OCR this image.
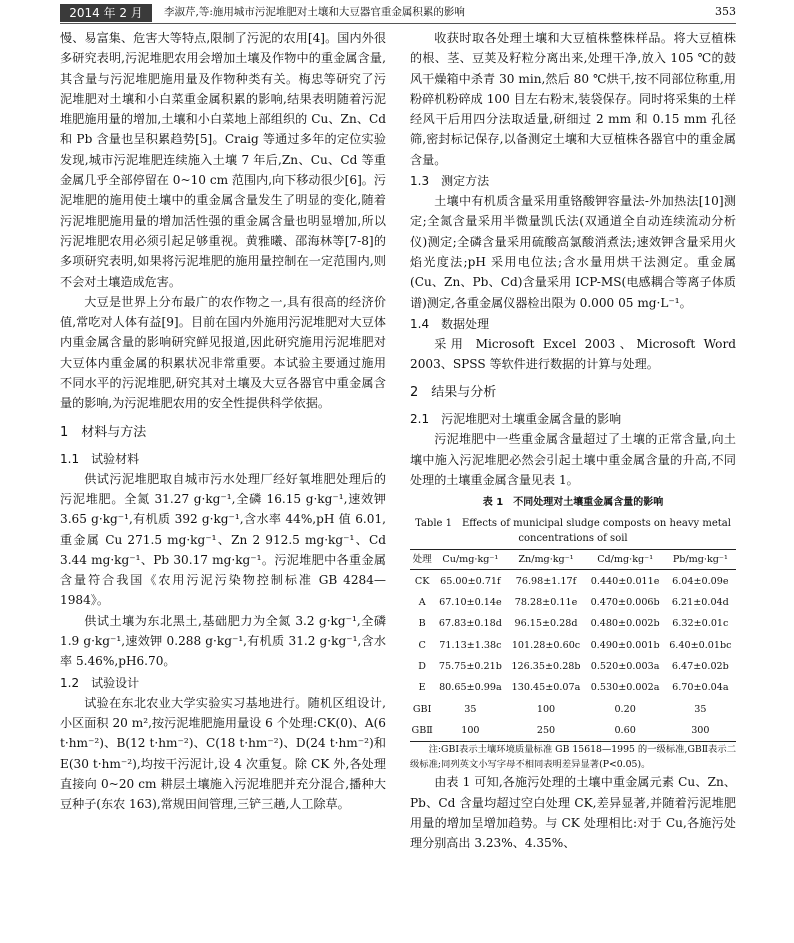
2014 年 2 月	李淑芹,等:施用城市污泥堆肥对土壤和大豆器官重金属积累的影响	353

慢、易富集、危害大等特点,限制了污泥的农用[4]。国内外很多研究表明,污泥堆肥农用会增加土壤及作物中的重金属含量,其含量与污泥堆肥施用量及作物种类有关。梅忠等研究了污泥堆肥对土壤和小白菜重金属积累的影响,结果表明随着污泥堆肥施用量的增加,土壤和小白菜地上部组织的 Cu、Zn、Cd 和 Pb 含量也呈积累趋势[5]。Craig 等通过多年的定位实验发现,城市污泥堆肥连续施入土壤 7 年后,Zn、Cu、Cd 等重金属几乎全部停留在 0~10 cm 范围内,向下移动很少[6]。污泥堆肥的施用使土壤中的重金属含量发生了明显的变化,随着污泥堆肥施用量的增加活性强的重金属含量也明显增加,所以污泥堆肥农用必须引起足够重视。黄雅曦、邵海林等[7-8]的多项研究表明,如果将污泥堆肥的施用量控制在一定范围内,则不会对土壤造成危害。

大豆是世界上分布最广的农作物之一,具有很高的经济价值,常吃对人体有益[9]。目前在国内外施用污泥堆肥对大豆体内重金属含量的影响研究鲜见报道,因此研究施用污泥堆肥对大豆体内重金属的积累状况非常重要。本试验主要通过施用不同水平的污泥堆肥,研究其对土壤及大豆各器官中重金属含量的影响,为污泥堆肥农用的安全性提供科学依据。

1　材料与方法
1.1　试验材料

供试污泥堆肥取自城市污水处理厂经好氧堆肥处理后的污泥堆肥。全氮 31.27 g·kg⁻¹,全磷 16.15 g·kg⁻¹,速效钾 3.65 g·kg⁻¹,有机质 392 g·kg⁻¹,含水率 44%,pH 值 6.01,重金属 Cu 271.5 mg·kg⁻¹、Zn 2 912.5 mg·kg⁻¹、Cd 3.44 mg·kg⁻¹、Pb 30.17 mg·kg⁻¹。污泥堆肥中各重金属含量符合我国《农用污泥污染物控制标准 GB 4284—1984》。

供试土壤为东北黑土,基础肥力为全氮 3.2 g·kg⁻¹,全磷 1.9 g·kg⁻¹,速效钾 0.288 g·kg⁻¹,有机质 31.2 g·kg⁻¹,含水率 5.46%,pH6.70。

1.2　试验设计

试验在东北农业大学实验实习基地进行。随机区组设计,小区面积 20 m²,按污泥堆肥施用量设 6 个处理:CK(0)、A(6 t·hm⁻²)、B(12 t·hm⁻²)、C(18 t·hm⁻²)、D(24 t·hm⁻²)和 E(30 t·hm⁻²),均按干污泥计,设 4 次重复。除 CK 外,各处理直接向 0~20 cm 耕层土壤施入污泥堆肥并充分混合,播种大豆种子(东农 163),常规田间管理,三铲三趟,人工除草。

收获时取各处理土壤和大豆植株整株样品。将大豆植株的根、茎、豆荚及籽粒分离出来,处理干净,放入 105 ℃的鼓风干燥箱中杀青 30 min,然后 80 ℃烘干,按不同部位称重,用粉碎机粉碎成 100 目左右粉末,装袋保存。同时将采集的土样经风干后用四分法取适量,研细过 2 mm 和 0.15 mm 孔径筛,密封标记保存,以备测定土壤和大豆植株各器官中的重金属含量。

1.3　测定方法

土壤中有机质含量采用重铬酸钾容量法-外加热法[10]测定;全氮含量采用半微量凯氏法(双通道全自动连续流动分析仪)测定;全磷含量采用硫酸高氯酸消煮法;速效钾含量采用火焰光度法;pH 采用电位法;含水量用烘干法测定。重金属(Cu、Zn、Pb、Cd)含量采用 ICP-MS(电感耦合等离子体质谱)测定,各重金属仪器检出限为 0.000 05 mg·L⁻¹。

1.4　数据处理

采用 Microsoft Excel 2003、Microsoft Word 2003、SPSS 等软件进行数据的计算与处理。

2　结果与分析
2.1　污泥堆肥对土壤重金属含量的影响

污泥堆肥中一些重金属含量超过了土壤的正常含量,向土壤中施入污泥堆肥必然会引起土壤中重金属含量的升高,不同处理的土壤重金属含量见表 1。

表 1　不同处理对土壤重金属含量的影响
Table 1　Effects of municipal sludge composts on heavy metal concentrations of soil
处理	Cu/mg·kg⁻¹	Zn/mg·kg⁻¹	Cd/mg·kg⁻¹	Pb/mg·kg⁻¹
CK	65.00±0.71f	76.98±1.17f	0.440±0.011e	6.04±0.09e
A	67.10±0.14e	78.28±0.11e	0.470±0.006b	6.21±0.04d
B	67.83±0.18d	96.15±0.28d	0.480±0.002b	6.32±0.01c
C	71.13±1.38c	101.28±0.60c	0.490±0.001b	6.40±0.01bc
D	75.75±0.21b	126.35±0.28b	0.520±0.003a	6.47±0.02b
E	80.65±0.99a	130.45±0.07a	0.530±0.002a	6.70±0.04a
GBⅠ	35	100	0.20	35
GBⅡ	100	250	0.60	300

注:GBⅠ表示土壤环境质量标准 GB 15618—1995 的一级标准,GBⅡ表示二级标准;同列英文小写字母不相同表明差异显著(P<0.05)。

由表 1 可知,各施污处理的土壤中重金属元素 Cu、Zn、Pb、Cd 含量均超过空白处理 CK,差异显著,并随着污泥堆肥用量的增加呈增加趋势。与 CK 处理相比:对于 Cu,各施污处理分别高出 3.23%、4.35%、
